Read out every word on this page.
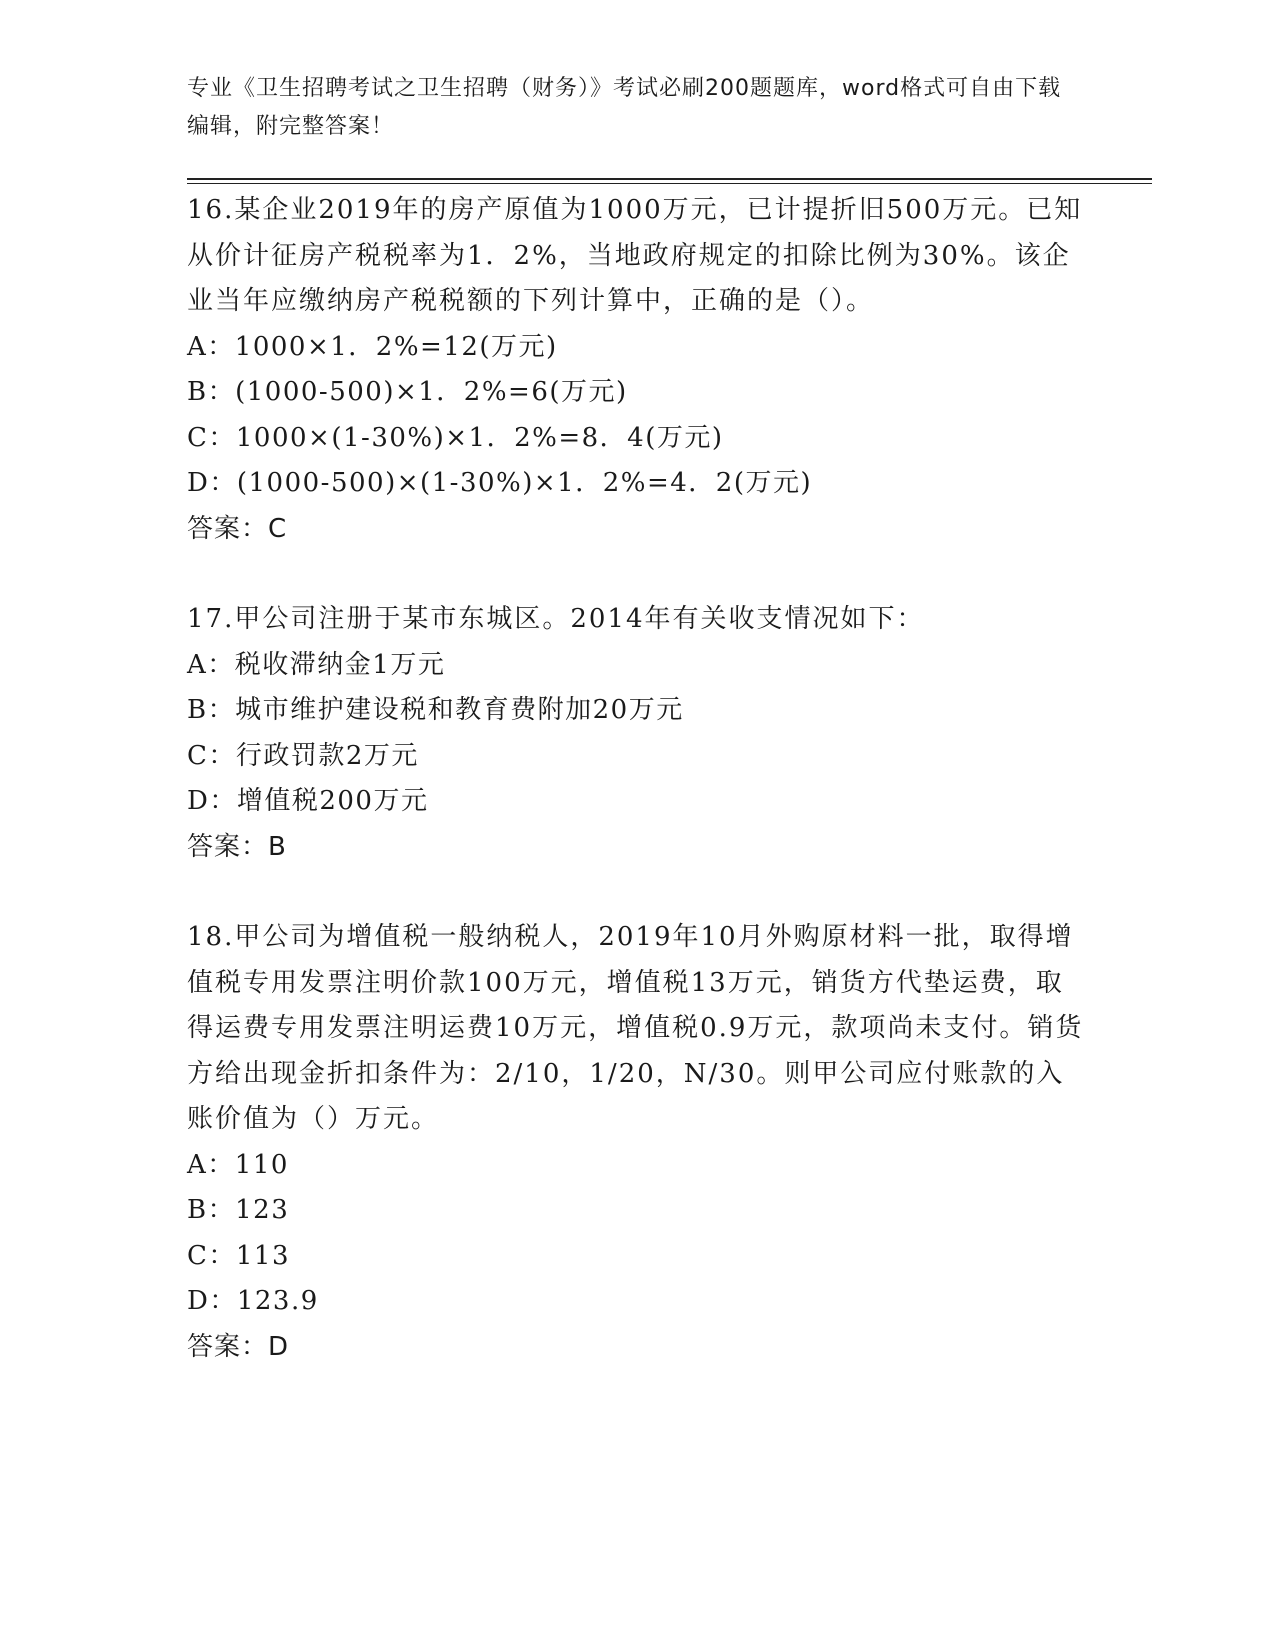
专业《卫生招聘考试之卫生招聘（财务）》考试必刷200题题库，word格式可自由下载编辑，附完整答案！

16.某企业2019年的房产原值为1000万元，已计提折旧500万元。已知从价计征房产税税率为1．2%，当地政府规定的扣除比例为30%。该企业当年应缴纳房产税税额的下列计算中，正确的是（）。

A：1000×1．2%=12(万元)

B：(1000-500)×1．2%=6(万元)

C：1000×(1-30%)×1．2%=8．4(万元)

D：(1000-500)×(1-30%)×1．2%=4．2(万元)

答案：C

17.甲公司注册于某市东城区。2014年有关收支情况如下：

A：税收滞纳金1万元

B：城市维护建设税和教育费附加20万元

C：行政罚款2万元

D：增值税200万元

答案：B

18.甲公司为增值税一般纳税人，2019年10月外购原材料一批，取得增值税专用发票注明价款100万元，增值税13万元，销货方代垫运费，取得运费专用发票注明运费10万元，增值税0.9万元，款项尚未支付。销货方给出现金折扣条件为：2/10，1/20，N/30。则甲公司应付账款的入账价值为（）万元。

A：110

B：123

C：113

D：123.9

答案：D
